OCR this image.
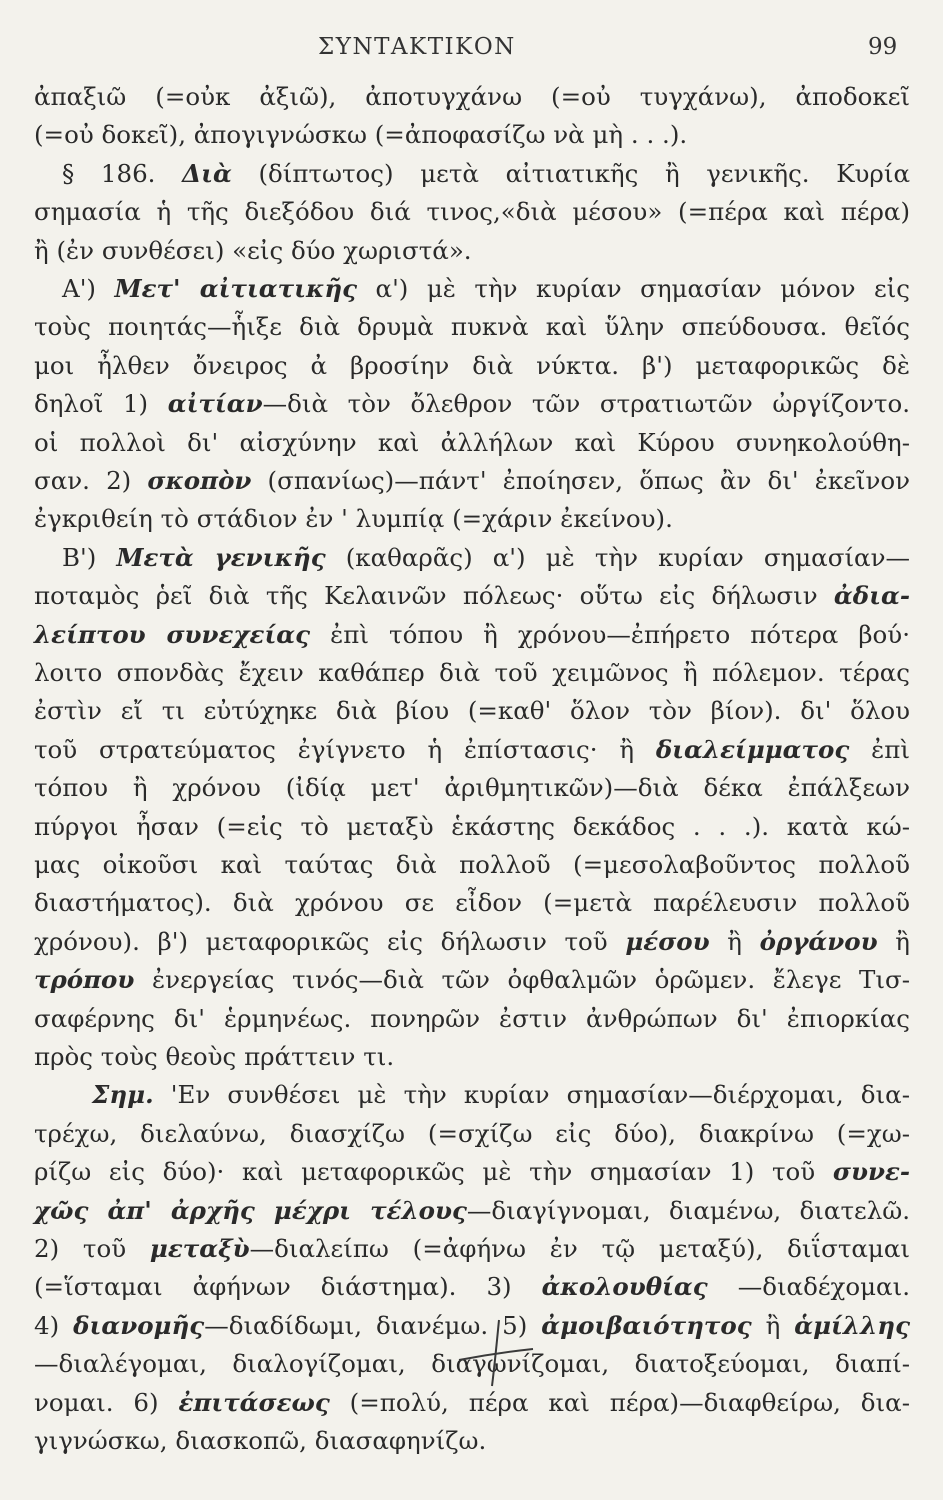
ΣΥΝΤΑΚΤΙΚΟΝ	99
ἀπαξιῶ (=οὐκ ἀξιῶ), ἀποτυγχάνω (=οὐ τυγχάνω), ἀποδοκεῖ
(=οὐ δοκεῖ), ἀπογιγνώσκω (=ἀποφασίζω νὰ μὴ . . .).
§ 186. Διὰ (δίπτωτος) μετὰ αἰτιατικῆς ἢ γενικῆς. Κυρία
σημασία ἡ τῆς διεξόδου διά τινος,«διὰ μέσου» (=πέρα καὶ πέρα)
ἢ (ἐν συνθέσει) «εἰς δύο χωριστά».
Α') Μετ' αἰτιατικῆς α') μὲ τὴν κυρίαν σημασίαν μόνον εἰς
τοὺς ποιητάς—ἧιξε διὰ δρυμὰ πυκνὰ καὶ ὕλην σπεύδουσα. θεῖός
μοι ἦλθεν ὄνειρος ἀ βροσίην διὰ νύκτα. β') μεταφορικῶς δὲ
δηλοῖ 1) αἰτίαν—διὰ τὸν ὄλεθρον τῶν στρατιωτῶν ὠργίζοντο.
οἱ πολλοὶ δι' αἰσχύνην καὶ ἀλλήλων καὶ Κύρου συνηκολούθη-
σαν. 2) σκοπὸν (σπανίως)—πάντ' ἐποίησεν, ὅπως ἂν δι' ἐκεῖνον
ἐγκριθείη τὸ στάδιον ἐν ' λυμπίᾳ (=χάριν ἐκείνου).
Β') Μετὰ γενικῆς (καθαρᾶς) α') μὲ τὴν κυρίαν σημασίαν—
ποταμὸς ῥεῖ διὰ τῆς Κελαινῶν πόλεως· οὕτω εἰς δήλωσιν ἀδια-
λείπτου συνεχείας ἐπὶ τόπου ἢ χρόνου—ἐπήρετο πότερα βού·
λοιτο σπονδὰς ἔχειν καθάπερ διὰ τοῦ χειμῶνος ἢ πόλεμον. τέρας
ἐστὶν εἴ τι εὐτύχηκε διὰ βίου (=καθ' ὅλον τὸν βίον). δι' ὅλου
τοῦ στρατεύματος ἐγίγνετο ἡ ἐπίστασις· ἢ διαλείμματος ἐπὶ
τόπου ἢ χρόνου (ἰδίᾳ μετ' ἀριθμητικῶν)—διὰ δέκα ἐπάλξεων
πύργοι ἦσαν (=εἰς τὸ μεταξὺ ἑκάστης δεκάδος . . .). κατὰ κώ-
μας οἰκοῦσι καὶ ταύτας διὰ πολλοῦ (=μεσολαβοῦντος πολλοῦ
διαστήματος). διὰ χρόνου σε εἶδον (=μετὰ παρέλευσιν πολλοῦ
χρόνου). β') μεταφορικῶς εἰς δήλωσιν τοῦ μέσου ἢ ὀργάνου ἢ
τρόπου ἐνεργείας τινός—διὰ τῶν ὀφθαλμῶν ὁρῶμεν. ἔλεγε Τισ-
σαφέρνης δι' ἑρμηνέως. πονηρῶν ἐστιν ἀνθρώπων δι' ἐπιορκίας
πρὸς τοὺς θεοὺς πράττειν τι.
Σημ. 'Εν συνθέσει μὲ τὴν κυρίαν σημασίαν—διέρχομαι, δια-
τρέχω, διελαύνω, διασχίζω (=σχίζω εἰς δύο), διακρίνω (=χω-
ρίζω εἰς δύο)· καὶ μεταφορικῶς μὲ τὴν σημασίαν 1) τοῦ συνε-
χῶς ἀπ' ἀρχῆς μέχρι τέλους—διαγίγνομαι, διαμένω, διατελῶ.
2) τοῦ μεταξὺ—διαλείπω (=ἀφήνω ἐν τῷ μεταξύ), διΐσταμαι
(=ἵσταμαι ἀφήνων διάστημα). 3) ἀκολουθίας —διαδέχομαι.
4) διανομῆς—διαδίδωμι, διανέμω. 5) ἀμοιβαιότητος ἢ ἁμίλλης
—διαλέγομαι, διαλογίζομαι, διαγωνίζομαι, διατοξεύομαι, διαπί-
νομαι. 6) ἐπιτάσεως (=πολύ, πέρα καὶ πέρα)—διαφθείρω, δια-
γιγνώσκω, διασκοπῶ, διασαφηνίζω.
